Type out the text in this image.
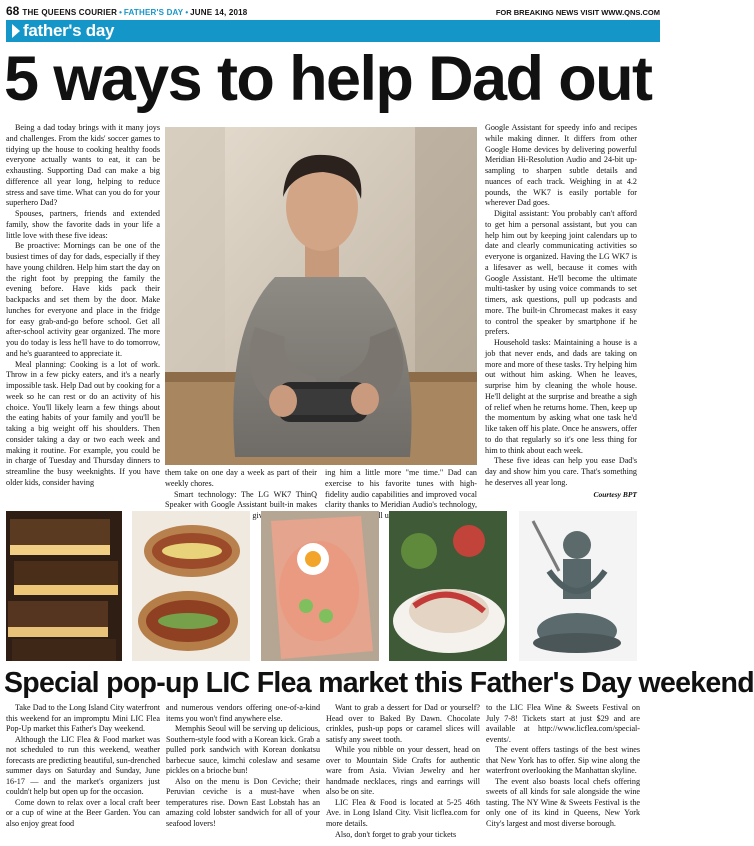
68 THE QUEENS COURIER • FATHER'S DAY • JUNE 14, 2018	FOR BREAKING NEWS VISIT WWW.QNS.COM
father's day
5 ways to help Dad out

Being a dad today brings with it many joys and challenges. From the kids' soccer games to tidying up the house to cooking healthy foods everyone actually wants to eat, it can be exhausting. Supporting Dad can make a big difference all year long, helping to reduce stress and save time. What can you do for your superhero Dad?

Spouses, partners, friends and extended family, show the favorite dads in your life a little love with these five ideas:

Be proactive: Mornings can be one of the busiest times of day for dads, especially if they have young children. Help him start the day on the right foot by prepping the family the evening before. Have kids pack their backpacks and set them by the door. Make lunches for everyone and place in the fridge for easy grab-and-go before school. Get all after-school activity gear organized. The more you do today is less he'll have to do tomorrow, and he's guaranteed to appreciate it.

Meal planning: Cooking is a lot of work. Throw in a few picky eaters, and it's a nearly impossible task. Help Dad out by cooking for a week so he can rest or do an activity of his choice. You'll likely learn a few things about the eating habits of your family and you'll be taking a big weight off his shoulders. Then consider taking a day or two each week and making it routine. For example, you could be in charge of Tuesday and Thursday dinners to streamline the busy weeknights. If you have older kids, consider having

them take on one day a week as part of their weekly chores.

Smart technology: The LG WK7 ThinQ Speaker with Google Assistant built-in makes giv-

ing him a little more "me time." Dad can exercise to his favorite tunes with high-fidelity audio capabilities and improved vocal clarity thanks to Meridian Audio's technology,

Google Assistant for speedy info and recipes while making dinner. It differs from other Google Home devices by delivering powerful Meridian Hi-Resolution Audio and 24-bit up-sampling to sharpen subtle details and nuances of each track. Weighing in at 4.2 pounds, the WK7 is easily portable for wherever Dad goes.

Digital assistant: You probably can't afford to get him a personal assistant, but you can help him out by keeping joint calendars up to date and clearly communicating activities so everyone is organized. Having the LG WK7 is a lifesaver as well, because it comes with Google Assistant. He'll become the ultimate multi-tasker by using voice commands to set timers, ask questions, pull up podcasts and more. The built-in Chromecast makes it easy to control the speaker by smartphone if he prefers.

Household tasks: Maintaining a house is a job that never ends, and dads are taking on more and more of these tasks. Try helping him out without him asking. When he leaves, surprise him by cleaning the whole house. He'll delight at the surprise and breathe a sigh of relief when he returns home. Then, keep up the momentum by asking what one task he'd like taken off his plate. Once he answers, offer to do that regularly so it's one less thing for him to think about each week.

These five ideas can help you ease Dad's day and show him you care. That's something he deserves all year long.

Courtesy BPT
Special pop-up LIC Flea market this Father's Day weekend

Take Dad to the Long Island City waterfront this weekend for an impromptu Mini LIC Flea Pop-Up market this Father's Day weekend.

Although the LIC Flea & Food market was not scheduled to run this weekend, weather forecasts are predicting beautiful, sun-drenched summer days on Saturday and Sunday, June 16-17 — and the market's organizers just couldn't help but open up for the occasion.

Come down to relax over a local craft beer or a cup of wine at the Beer Garden. You can also enjoy great food

and numerous vendors offering one-of-a-kind items you won't find anywhere else.

Memphis Seoul will be serving up delicious, Southern-style food with a Korean kick. Grab a pulled pork sandwich with Korean donkatsu barbecue sauce, kimchi coleslaw and sesame pickles on a brioche bun!

Also on the menu is Don Ceviche; their Peruvian ceviche is a must-have when temperatures rise. Down East Lobstah has an amazing cold lobster sandwich for all of your seafood lovers!

Want to grab a dessert for Dad or yourself? Head over to Baked By Dawn. Chocolate crinkles, push-up pops or caramel slices will satisfy any sweet tooth.

While you nibble on your dessert, head on over to Mountain Side Crafts for authentic ware from Asia. Vivian Jewelry and her handmade necklaces, rings and earrings will also be on site.

LIC Flea & Food is located at 5-25 46th Ave. in Long Island City. Visit licflea.com for more details.

Also, don't forget to grab your tickets

to the LIC Flea Wine & Sweets Festival on July 7-8! Tickets start at just $29 and are available at http://www.licflea.com/special-events/.

The event offers tastings of the best wines that New York has to offer. Sip wine along the waterfront overlooking the Manhattan skyline.

The event also boasts local chefs offering sweets of all kinds for sale alongside the wine tasting. The NY Wine & Sweets Festival is the only one of its kind in Queens, New York City's largest and most diverse borough.
